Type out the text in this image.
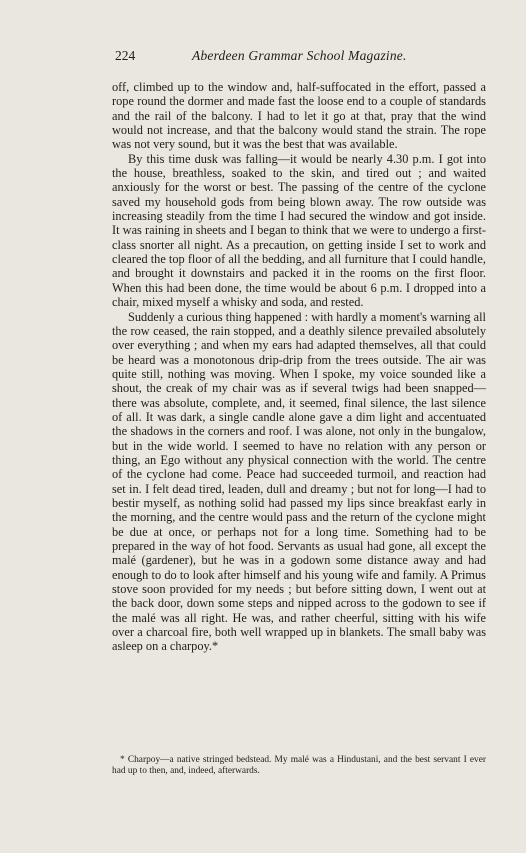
224	Aberdeen Grammar School Magazine.

off, climbed up to the window and, half-suffocated in the effort, passed a rope round the dormer and made fast the loose end to a couple of standards and the rail of the balcony. I had to let it go at that, pray that the wind would not increase, and that the balcony would stand the strain. The rope was not very sound, but it was the best that was available.

By this time dusk was falling—it would be nearly 4.30 p.m. I got into the house, breathless, soaked to the skin, and tired out ; and waited anxiously for the worst or best. The passing of the centre of the cyclone saved my household gods from being blown away. The row outside was increasing steadily from the time I had secured the window and got inside. It was raining in sheets and I began to think that we were to undergo a first-class snorter all night. As a precaution, on getting inside I set to work and cleared the top floor of all the bedding, and all furniture that I could handle, and brought it downstairs and packed it in the rooms on the first floor. When this had been done, the time would be about 6 p.m. I dropped into a chair, mixed myself a whisky and soda, and rested.

Suddenly a curious thing happened : with hardly a moment's warning all the row ceased, the rain stopped, and a deathly silence prevailed absolutely over everything ; and when my ears had adapted themselves, all that could be heard was a monotonous drip-drip from the trees outside. The air was quite still, nothing was moving. When I spoke, my voice sounded like a shout, the creak of my chair was as if several twigs had been snapped—there was absolute, complete, and, it seemed, final silence, the last silence of all. It was dark, a single candle alone gave a dim light and accentuated the shadows in the corners and roof. I was alone, not only in the bungalow, but in the wide world. I seemed to have no relation with any person or thing, an Ego without any physical connection with the world. The centre of the cyclone had come. Peace had succeeded turmoil, and reaction had set in. I felt dead tired, leaden, dull and dreamy ; but not for long—I had to bestir myself, as nothing solid had passed my lips since breakfast early in the morning, and the centre would pass and the return of the cyclone might be due at once, or perhaps not for a long time. Something had to be prepared in the way of hot food. Servants as usual had gone, all except the malé (gardener), but he was in a godown some distance away and had enough to do to look after himself and his young wife and family. A Primus stove soon provided for my needs ; but before sitting down, I went out at the back door, down some steps and nipped across to the godown to see if the malé was all right. He was, and rather cheerful, sitting with his wife over a charcoal fire, both well wrapped up in blankets. The small baby was asleep on a charpoy.*

* Charpoy—a native stringed bedstead. My malé was a Hindustani, and the best servant I ever had up to then, and, indeed, afterwards.
